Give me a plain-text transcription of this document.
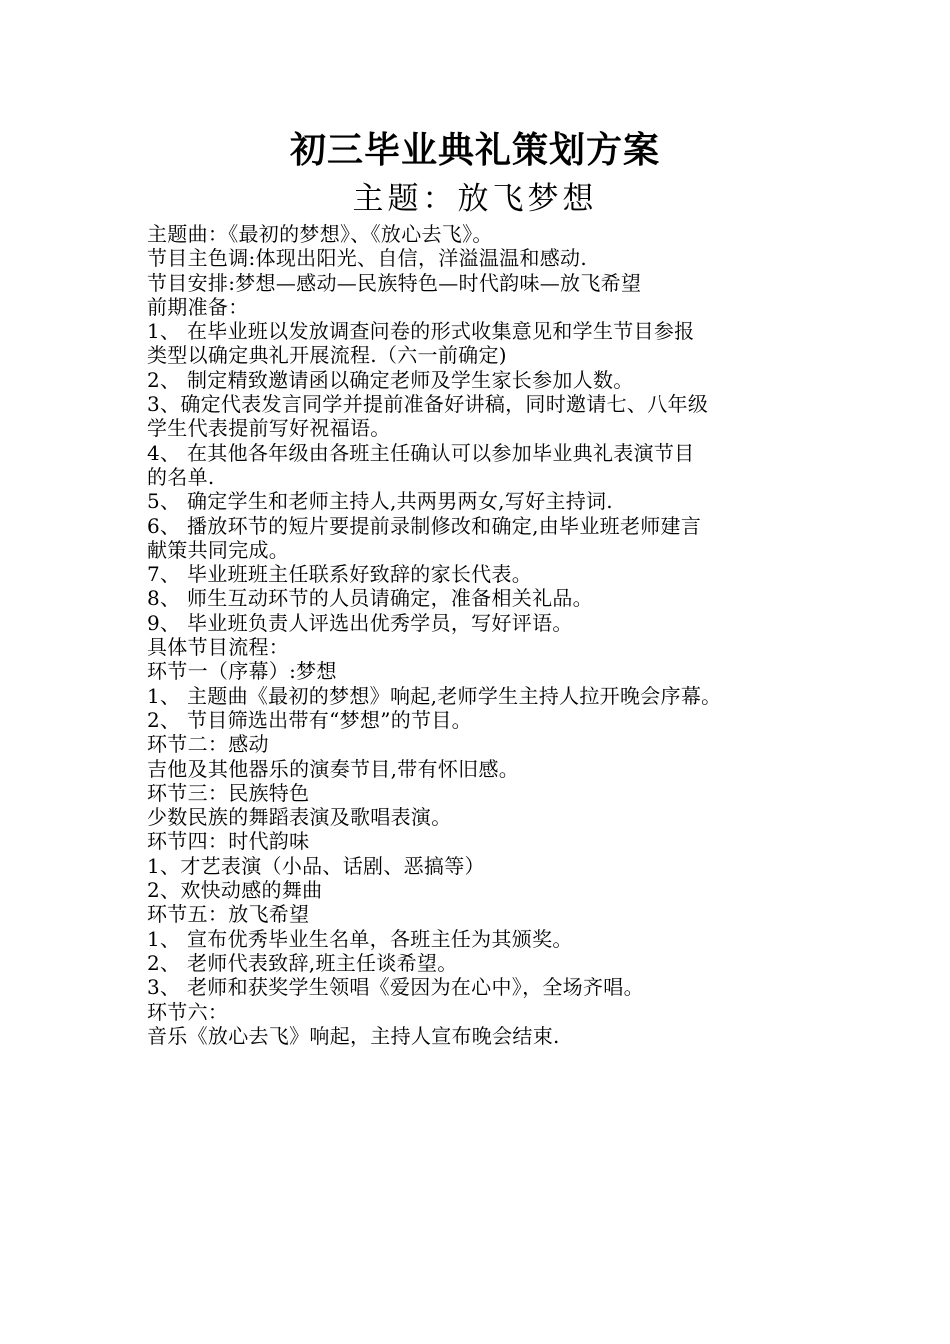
初三毕业典礼策划方案
主题：放飞梦想
主题曲：《最初的梦想》、《放心去飞》。
节目主色调:体现出阳光、自信，洋溢温温和感动.
节目安排:梦想—感动—民族特色—时代韵味—放飞希望
前期准备：
1、 在毕业班以发放调查问卷的形式收集意见和学生节目参报
类型以确定典礼开展流程.（六一前确定)
2、 制定精致邀请函以确定老师及学生家长参加人数。
3、确定代表发言同学并提前准备好讲稿，同时邀请七、八年级
学生代表提前写好祝福语。
4、 在其他各年级由各班主任确认可以参加毕业典礼表演节目
的名单.
5、 确定学生和老师主持人,共两男两女,写好主持词.
6、 播放环节的短片要提前录制修改和确定,由毕业班老师建言
献策共同完成。
7、 毕业班班主任联系好致辞的家长代表。
8、 师生互动环节的人员请确定，准备相关礼品。
9、 毕业班负责人评选出优秀学员，写好评语。
具体节目流程：
环节一（序幕）:梦想
1、 主题曲《最初的梦想》响起,老师学生主持人拉开晚会序幕。
2、 节目筛选出带有“梦想”的节目。
环节二：感动
吉他及其他器乐的演奏节目,带有怀旧感。
环节三：民族特色
少数民族的舞蹈表演及歌唱表演。
环节四：时代韵味
1、才艺表演（小品、话剧、恶搞等）
2、欢快动感的舞曲
环节五：放飞希望
1、 宣布优秀毕业生名单，各班主任为其颁奖。
2、 老师代表致辞,班主任谈希望。
3、 老师和获奖学生领唱《爱因为在心中》，全场齐唱。
环节六：
音乐《放心去飞》响起，主持人宣布晚会结束.
